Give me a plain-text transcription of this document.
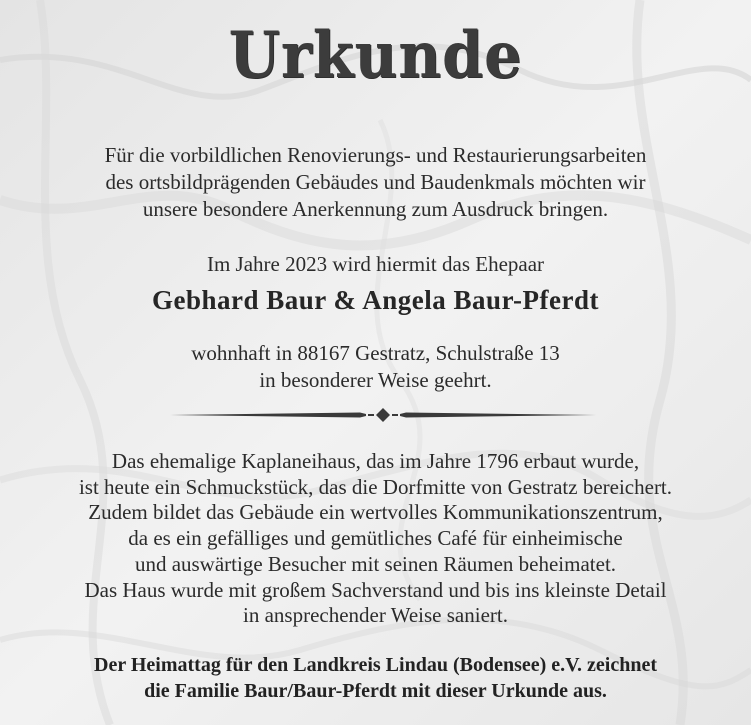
Urkunde
Für die vorbildlichen Renovierungs- und Restaurierungsarbeiten
des ortsbildprägenden Gebäudes und Baudenkmals möchten wir
unsere besondere Anerkennung zum Ausdruck bringen.
Im Jahre 2023 wird hiermit das Ehepaar
Gebhard Baur & Angela Baur-Pferdt
wohnhaft in 88167 Gestratz, Schulstraße 13
in besonderer Weise geehrt.
Das ehemalige Kaplaneihaus, das im Jahre 1796 erbaut wurde,
ist heute ein Schmuckstück, das die Dorfmitte von Gestratz bereichert.
Zudem bildet das Gebäude ein wertvolles Kommunikationszentrum,
da es ein gefälliges und gemütliches Café für einheimische
und auswärtige Besucher mit seinen Räumen beheimatet.
Das Haus wurde mit großem Sachverstand und bis ins kleinste Detail
in ansprechender Weise saniert.
Der Heimattag für den Landkreis Lindau (Bodensee) e.V. zeichnet
die Familie Baur/Baur-Pferdt mit dieser Urkunde aus.
